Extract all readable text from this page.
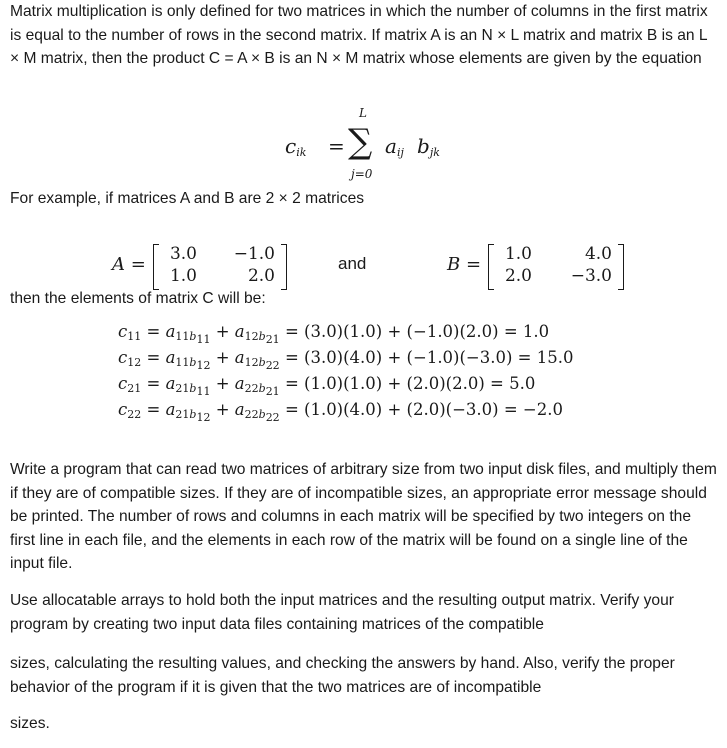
Matrix multiplication is only defined for two matrices in which the number of columns in the first matrix is equal to the number of rows in the second matrix. If matrix A is an N × L matrix and matrix B is an L × M matrix, then the product C = A × B is an N × M matrix whose elements are given by the equation
$c_{ik}$ =
L
∑
j=0
$a_{ij}$ $b_{jk}$
For example, if matrices A and B are 2 × 2 matrices
A =	3.0	−1.0
1.0	2.0
and	B =	1.0	4.0
2.0	−3.0
then the elements of matrix C will be:
$c_{11} = a_{11b_{11}} + a_{12b_{21}} = (3.0)(1.0) + (-1.0)(2.0) = 1.0$
$c_{12} = a_{11b_{12}} + a_{12b_{22}} = (3.0)(4.0) + (-1.0)(-3.0) = 15.0$
$c_{21} = a_{21b_{11}} + a_{22b_{21}} = (1.0)(1.0) + (2.0)(2.0) = 5.0$
$c_{22} = a_{21b_{12}} + a_{22b_{22}} = (1.0)(4.0) + (2.0)(-3.0) = -2.0$
Write a program that can read two matrices of arbitrary size from two input disk files, and multiply them if they are of compatible sizes. If they are of incompatible sizes, an appropriate error message should be printed. The number of rows and columns in each matrix will be specified by two integers on the first line in each file, and the elements in each row of the matrix will be found on a single line of the input file.
Use allocatable arrays to hold both the input matrices and the resulting output matrix. Verify your program by creating two input data files containing matrices of the compatible
sizes, calculating the resulting values, and checking the answers by hand. Also, verify the proper behavior of the program if it is given that the two matrices are of incompatible
sizes.
